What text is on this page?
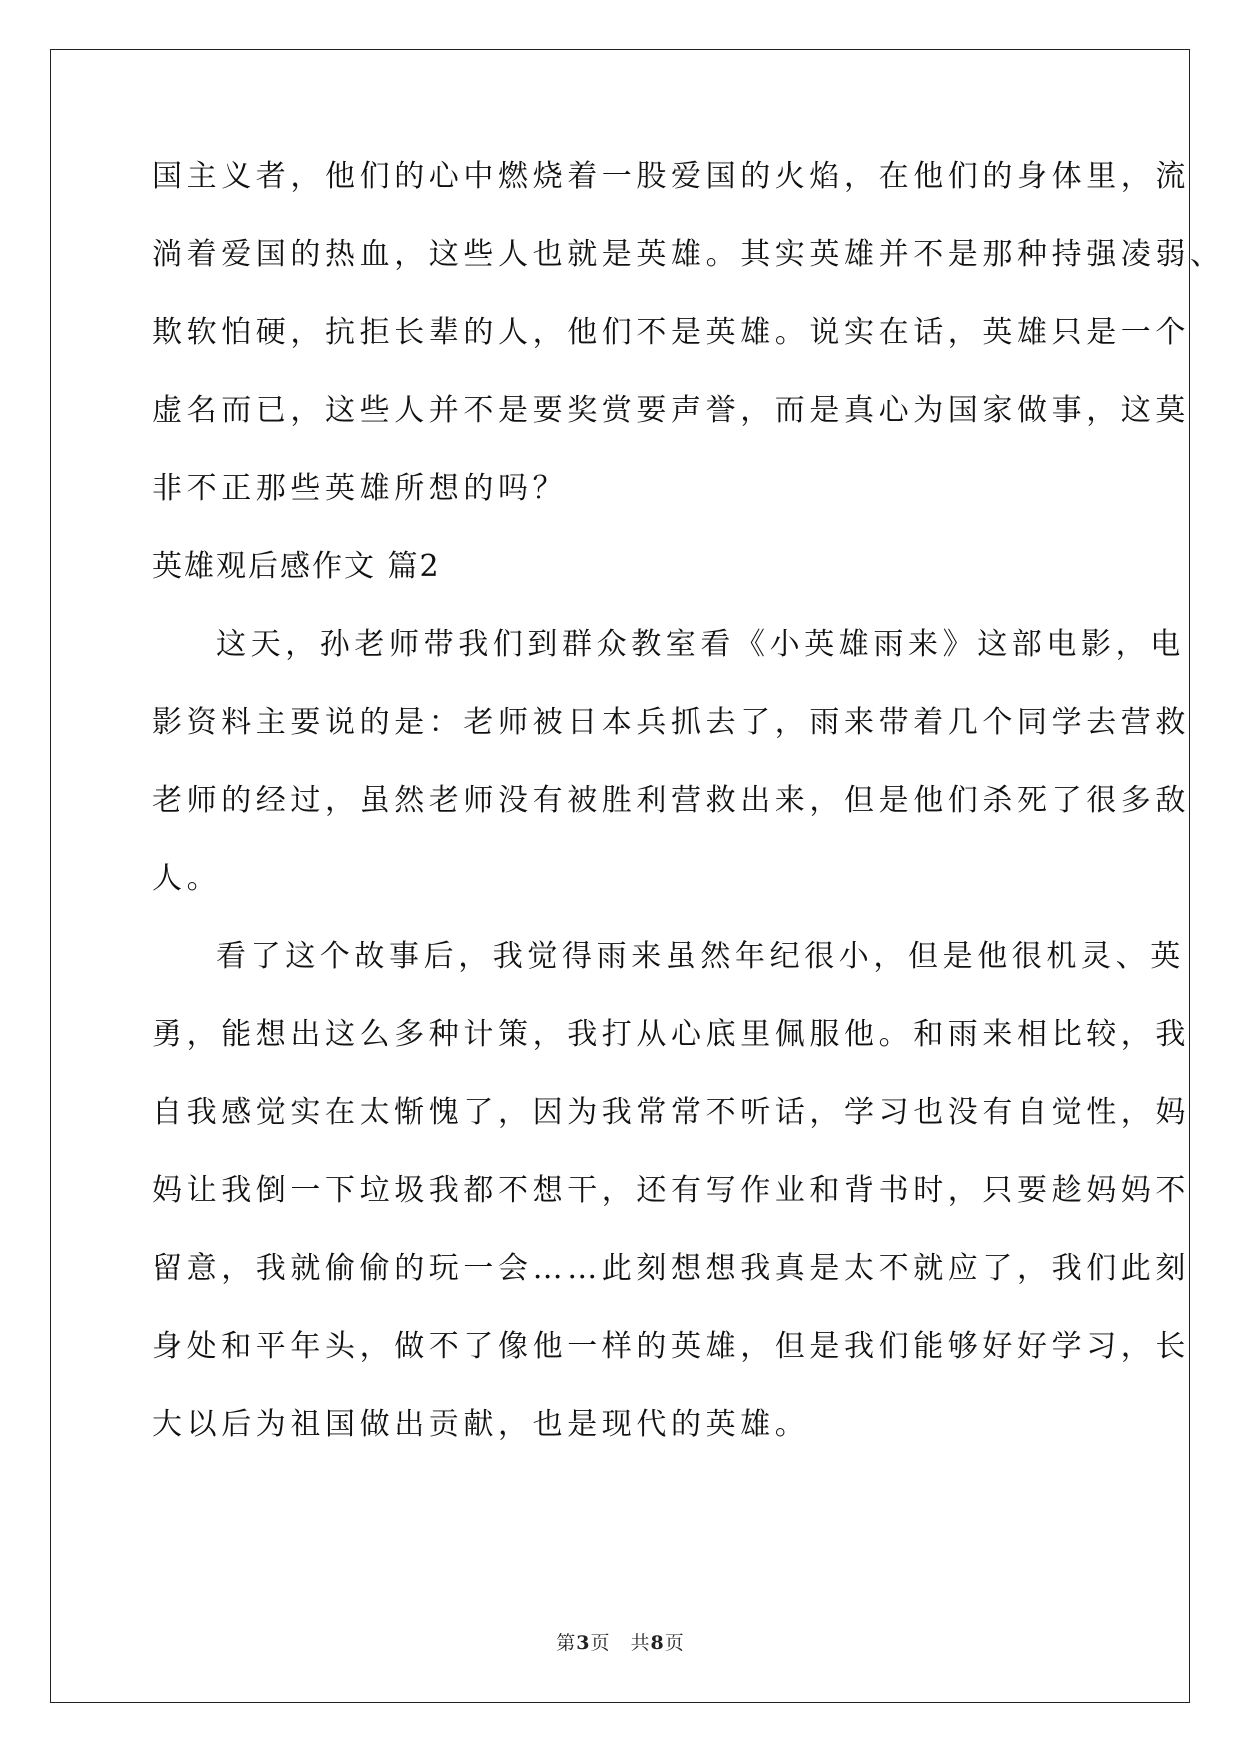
国主义者，他们的心中燃烧着一股爱国的火焰，在他们的身体里，流

淌着爱国的热血，这些人也就是英雄。其实英雄并不是那种持强凌弱、

欺软怕硬，抗拒长辈的人，他们不是英雄。说实在话，英雄只是一个

虚名而已，这些人并不是要奖赏要声誉，而是真心为国家做事，这莫

非不正那些英雄所想的吗？

英雄观后感作文 篇2

这天，孙老师带我们到群众教室看《小英雄雨来》这部电影，电

影资料主要说的是：老师被日本兵抓去了，雨来带着几个同学去营救

老师的经过，虽然老师没有被胜利营救出来，但是他们杀死了很多敌

人。

看了这个故事后，我觉得雨来虽然年纪很小，但是他很机灵、英

勇，能想出这么多种计策，我打从心底里佩服他。和雨来相比较，我

自我感觉实在太惭愧了，因为我常常不听话，学习也没有自觉性，妈

妈让我倒一下垃圾我都不想干，还有写作业和背书时，只要趁妈妈不

留意，我就偷偷的玩一会……此刻想想我真是太不就应了，我们此刻

身处和平年头，做不了像他一样的英雄，但是我们能够好好学习，长

大以后为祖国做出贡献，也是现代的英雄。

第3页　共8页
